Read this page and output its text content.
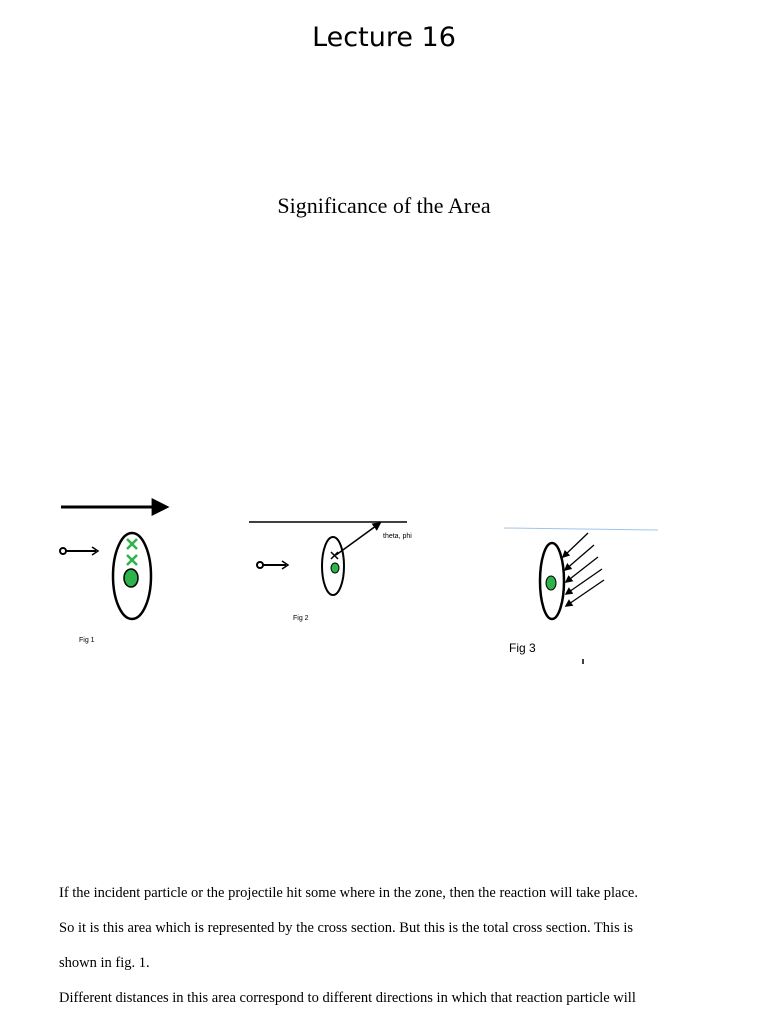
Lecture 16
Significance of the Area
Fig 1
theta, phi
Fig 2
Fig 3

If the incident particle or the projectile hit some where in the zone, then the reaction will take place.

So it is this area which is represented by the cross section. But this is the total cross section. This is

shown in fig. 1.

Different distances in this area correspond to different directions in which that reaction particle will
